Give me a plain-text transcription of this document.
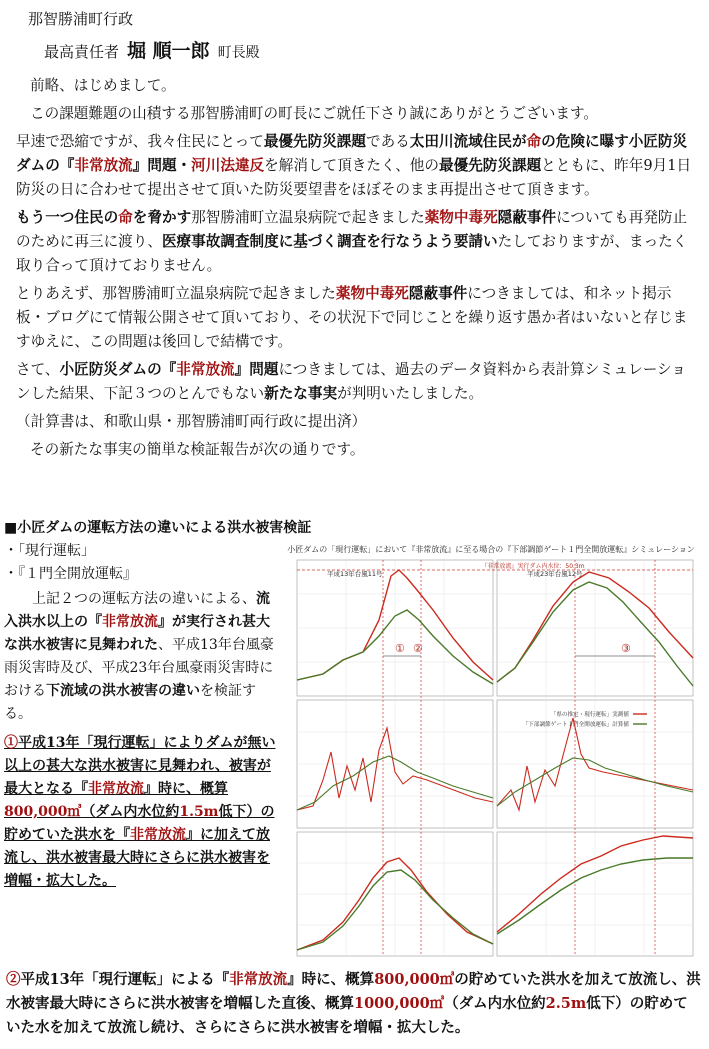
那智勝浦町行政
最高責任者 堀 順一郎 町長殿

前略、はじめまして。

この課題難題の山積する那智勝浦町の町長にご就任下さり誠にありがとうございます。

早速で恐縮ですが、我々住民にとって最優先防災課題である太田川流域住民が命の危険に曝す小匠防災ダムの『非常放流』問題・河川法違反を解消して頂きたく、他の最優先防災課題とともに、昨年9月1日防災の日に合わせて提出させて頂いた防災要望書をほぼそのまま再提出させて頂きます。

もう一つ住民の命を脅かす那智勝浦町立温泉病院で起きました薬物中毒死隠蔽事件についても再発防止のために再三に渡り、医療事故調査制度に基づく調査を行なうよう要請いたしておりますが、まったく取り合って頂けておりません。

とりあえず、那智勝浦町立温泉病院で起きました薬物中毒死隠蔽事件につきましては、和ネット掲示板・ブログにて情報公開させて頂いており、その状況下で同じことを繰り返す愚か者はいないと存じますゆえに、この問題は後回しで結構です。

さて、小匠防災ダムの『非常放流』問題につきましては、過去のデータ資料から表計算シミュレーションした結果、下記３つのとんでもない新たな事実が判明いたしました。

（計算書は、和歌山県・那智勝浦町両行政に提出済）

その新たな事実の簡単な検証報告が次の通りです。

■小匠ダムの運転方法の違いによる洪水被害検証
・「現行運転」
・『１門全開放運転』
上記２つの運転方法の違いによる、流入洪水以上の『非常放流』が実行され甚大な洪水被害に見舞われた、平成13年台風豪雨災害時及び、平成23年台風豪雨災害時における下流域の洪水被害の違いを検証する。
①平成13年「現行運転」によりダムが無い以上の甚大な洪水被害に見舞われ、被害が最大となる『非常放流』時に、概算800,000㎥（ダム内水位約1.5m低下）の貯めていた洪水を『非常放流』に加えて放流し、洪水被害最大時にさらに洪水被害を増幅・拡大した。
小匠ダムの「現行運転」において『非常放流』に至る場合の『下部調節ゲート１門全開放運転』シミュレーション
『非常放流』実行ダム内水位：50.3m
平成13年台風11号	平成23年台風12号
① ②	③
「県の推定・現行運転」実測値
「下部調節ゲート１門全開放運転」計算値
②平成13年「現行運転」による『非常放流』時に、概算800,000㎥の貯めていた洪水を加えて放流し、洪水被害最大時にさらに洪水被害を増幅した直後、概算1000,000㎥（ダム内水位約2.5m低下）の貯めていた水を加えて放流し続け、さらにさらに洪水被害を増幅・拡大した。
